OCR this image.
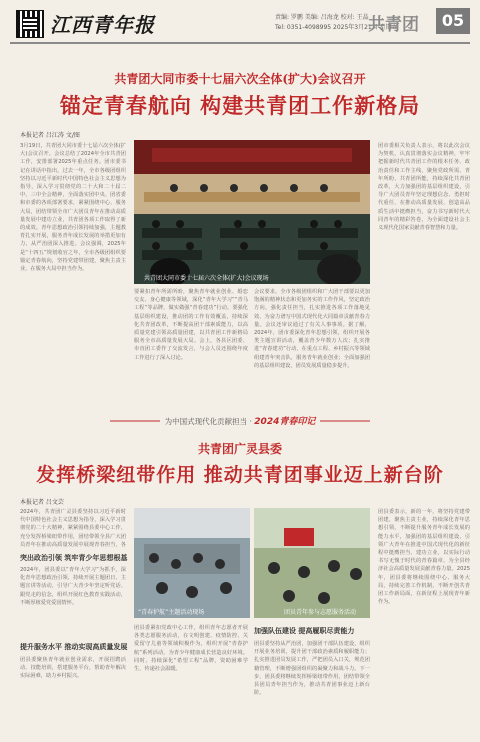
江西青年报	责编: 罗鹏 美编: 吕海龙 校对: 王晶
Tel: 0351-4098995 2025年3月21日 星期五
共青团	05
共青团大同市委十七届六次全体(扩大)会议召开
锚定青春航向 构建共青团工作新格局
本报记者 吕江涛 文/图
3月19日，共青团大同市委十七届六次全体(扩大)会议召开。会议总结了2024年全市共青团工作，安排部署2025年重点任务。团市委书记在讲话中指出，过去一年，全市各级团组织坚持以习近平新时代中国特色社会主义思想为指导，深入学习贯彻党的二十大和二十届二中、三中全会精神，全面落实团中央、团省委和市委的各项部署要求，紧紧围绕中心、服务大局，团结带领全市广大团员青年在推动高质量发展中建功立业，共青团各项工作取得了新的成效。青年思想政治引领持续加强，主题教育扎实开展，服务青年成长发展的举措更加有力，从严治团深入推进。会议强调，2025年是“十四五”规划收官之年，全市各级团组织要锚定青春航向，坚持党建带团建，聚焦主责主业，在服务大局中担当作为。
共青团大同市委十七届六次全体(扩大)会议现场
要紧扣青年所需所盼，聚焦青年就业创业、婚恋交友、身心健康等领域，深化“青年大学习”“青马工程”等品牌，做实做强“青春建功”行动。要强化基层组织建设，推动团的工作有效覆盖，持续深化共青团改革，不断提高团干部素质能力，以高质量党建引领高质量团建，以共青团工作新格局服务全市高质量发展大局。会上，各县区团委、市直团工委作了交流发言，与会人员还围绕年度工作进行了深入讨论。
会议要求，全市各级团组织和广大团干部要以更加饱满的精神状态和更加务实的工作作风，坚定政治方向，强化责任担当，扎实推进各项工作落地见效，为奋力谱写中国式现代化大同篇章贡献青春力量。会议还审议通过了有关人事事项。据了解，2024年，团市委深化青年思想引领，组织开展各类主题宣讲活动，覆盖青少年数万人次；扎实推进“青春建功”行动，在重点工程、乡村振兴等领域组建青年突击队，服务青年就业创业；全面加强团的基层组织建设，团员发展质量稳步提升。
团市委相关负责人表示，将以此次会议为契机，认真贯彻落实会议精神，牢牢把握新时代共青团工作的根本任务、政治责任和工作主线，聚焦党政所需、青年所盼、共青团所能，持续深化共青团改革，大力加强团的基层组织建设，引导广大团员青年坚定理想信念、勇担时代重任，在推动高质量发展、创造高品质生活中挺膺担当，奋力书写新时代大同青年的精彩答卷，为全面建设社会主义现代化国家贡献青春智慧和力量。
为中国式现代化贡献担当 · 2024青春印记
共青团广灵县委
发挥桥梁纽带作用 推动共青团事业迈上新台阶
本报记者 吕文芸
2024年，共青团广灵县委坚持以习近平新时代中国特色社会主义思想为指导，深入学习贯彻党的二十大精神，紧紧围绕县委中心工作，充分发挥桥梁纽带作用，团结带领全县广大团员青年在推动高质量发展中展现青春担当，各
突出政治引领 筑牢青少年思想根基
2024年，团县委以“青年大学习”为抓手，深化青年思想政治引领，持续开展主题团日、主题宣讲等活动，引导广大青少年坚定听党话、跟党走的信念，组织开展红色教育实践活动，不断厚植爱党爱国情怀。
提升服务水平 推动实现高质量发展
团县委聚焦青年就业创业需求，开展招聘活动、技能培训，搭建服务平台，帮助青年解决实际困难，助力乡村振兴。
“青春护航”主题活动现场	团员青年参与志愿服务活动
团县委紧扣党政中心工作，组织青年志愿者开展各类志愿服务活动，在文明创建、疫情防控、关爱留守儿童等领域积极作为，组织开展“青春护航”系列活动，为青少年健康成长营造良好环境。同时，持续深化“希望工程”品牌，资助困难学生，传递社会温暖。
加强队伍建设 提高履职尽责能力
团县委坚持从严治团，加强团干部队伍建设，组织开展业务培训，提升团干部政治素质和履职能力；扎实推进团员发展工作，严把团员入口关，规范团籍管理，不断增强团组织的凝聚力和战斗力。下一步，团县委将继续发挥桥梁纽带作用，团结带领全县团员青年担当作为，推动共青团事业迈上新台阶。
团县委表示，新的一年，将坚持党建带团建，聚焦主责主业，持续深化青年思想引领，不断提升服务青年成长发展的能力水平，加强团的基层组织建设，引领广大青年在推进中国式现代化的新征程中挺膺担当、建功立业，以实际行动书写无愧于时代的青春篇章，为全县经济社会高质量发展贡献青春力量。2025年，团县委将继续围绕中心、服务大局，持续完善工作机制，不断开创共青团工作新局面，在新征程上展现青年新作为。
